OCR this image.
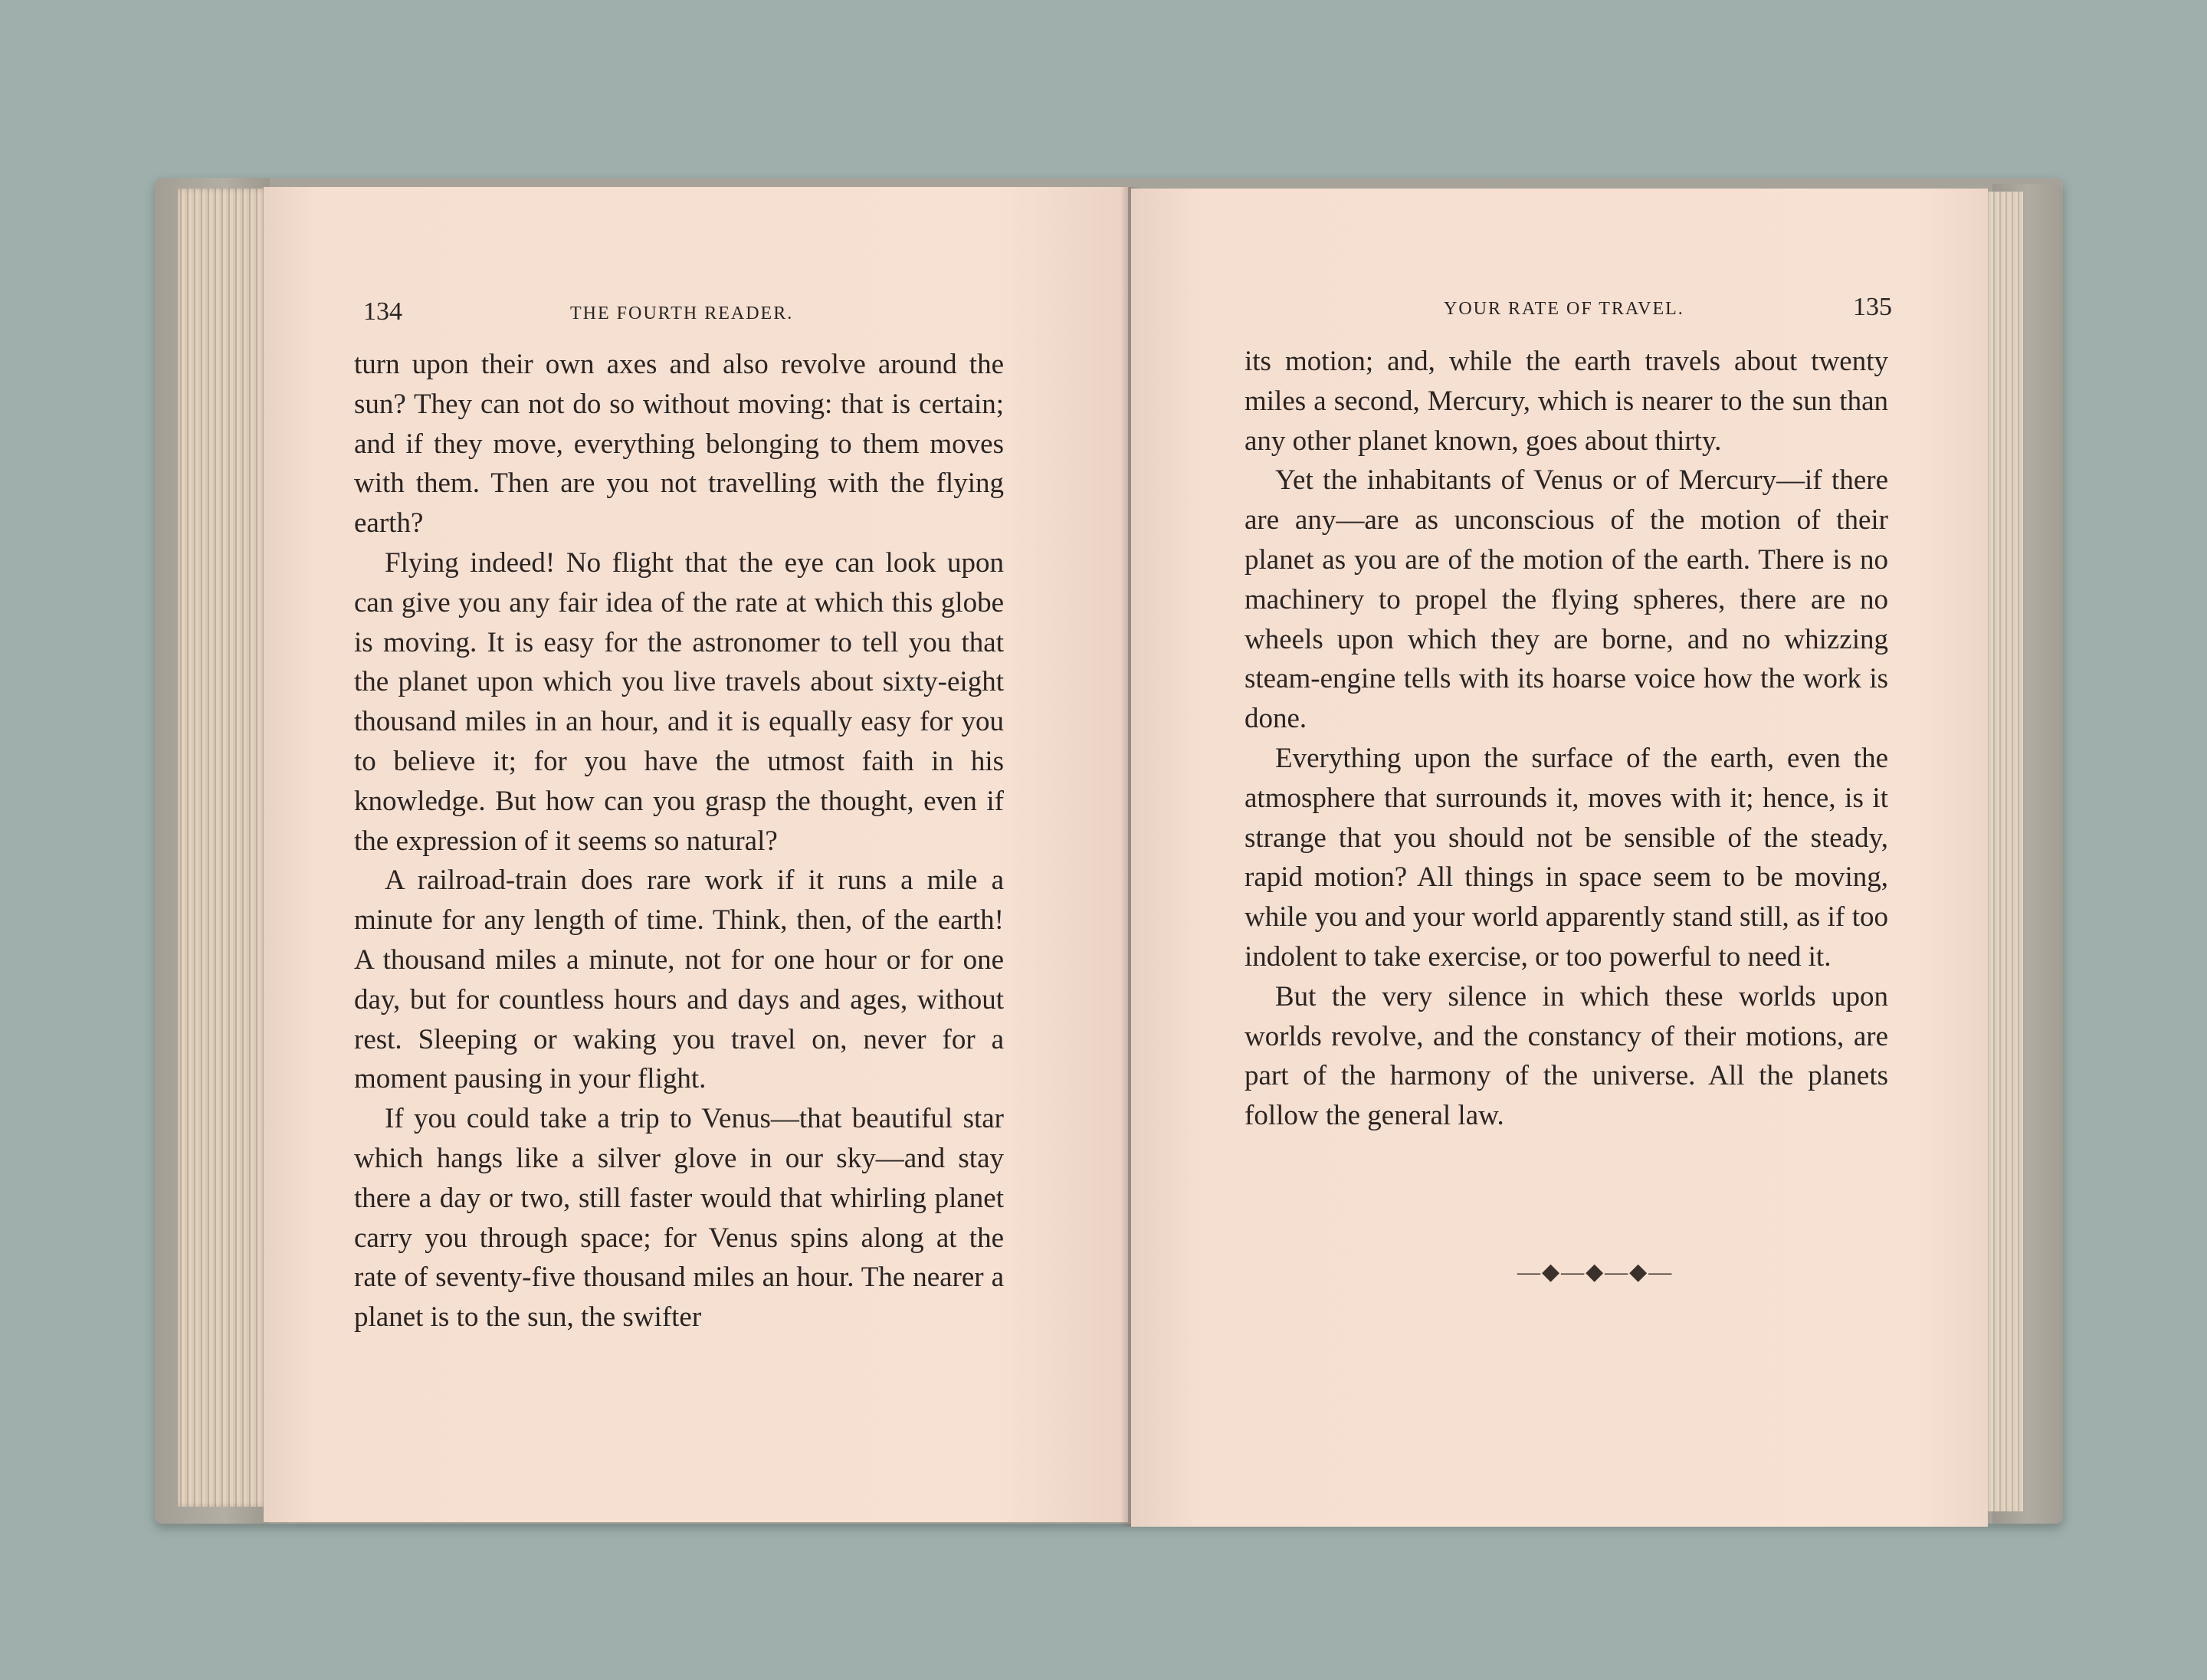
134	THE FOURTH READER.

turn upon their own axes and also revolve around the sun? They can not do so without moving: that is certain; and if they move, everything belonging to them moves with them. Then are you not travelling with the flying earth?

Flying indeed! No flight that the eye can look upon can give you any fair idea of the rate at which this globe is moving. It is easy for the astronomer to tell you that the planet upon which you live travels about sixty-eight thousand miles in an hour, and it is equally easy for you to believe it; for you have the utmost faith in his knowledge. But how can you grasp the thought, even if the expression of it seems so natural?

A railroad-train does rare work if it runs a mile a minute for any length of time. Think, then, of the earth! A thousand miles a minute, not for one hour or for one day, but for countless hours and days and ages, without rest. Sleeping or waking you travel on, never for a moment pausing in your flight.

If you could take a trip to Venus—that beautiful star which hangs like a silver glove in our sky—and stay there a day or two, still faster would that whirling planet carry you through space; for Venus spins along at the rate of seventy-five thousand miles an hour. The nearer a planet is to the sun, the swifter

YOUR RATE OF TRAVEL.	135

its motion; and, while the earth travels about twenty miles a second, Mercury, which is nearer to the sun than any other planet known, goes about thirty.

Yet the inhabitants of Venus or of Mercury—if there are any—are as unconscious of the motion of their planet as you are of the motion of the earth. There is no machinery to propel the flying spheres, there are no wheels upon which they are borne, and no whizzing steam-engine tells with its hoarse voice how the work is done.

Everything upon the surface of the earth, even the atmosphere that surrounds it, moves with it; hence, is it strange that you should not be sensible of the steady, rapid motion? All things in space seem to be moving, while you and your world apparently stand still, as if too indolent to take exercise, or too powerful to need it.

But the very silence in which these worlds upon worlds revolve, and the constancy of their motions, are part of the harmony of the universe. All the planets follow the general law.

—◆—◆—◆—
